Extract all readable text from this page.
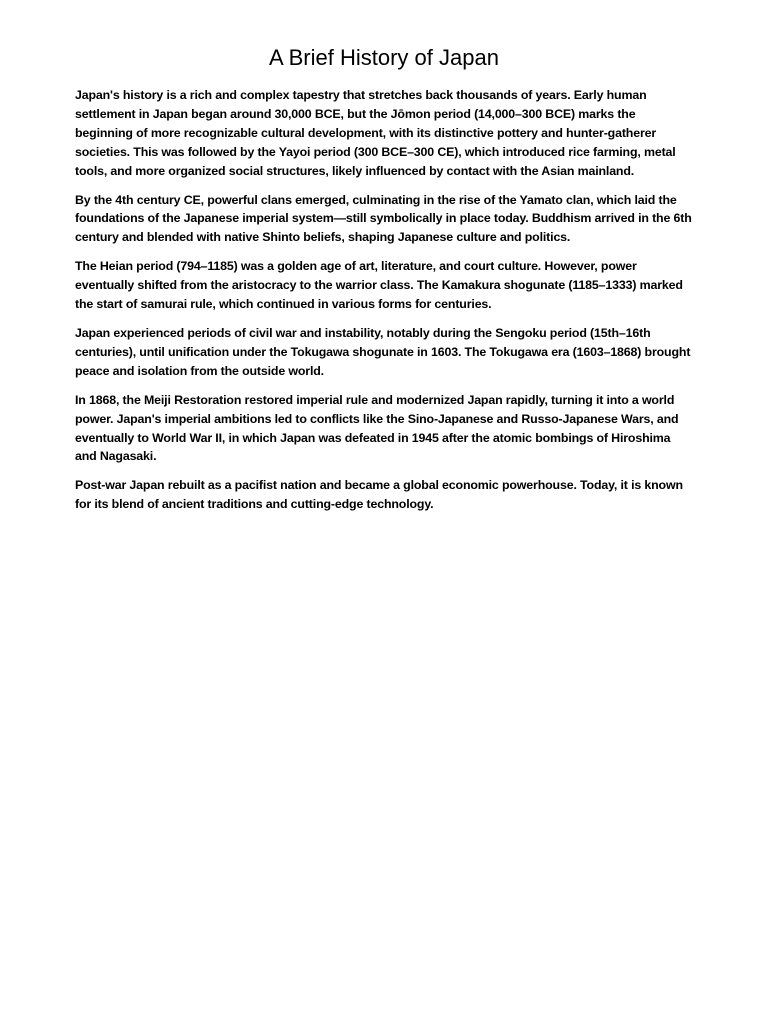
A Brief History of Japan

Japan's history is a rich and complex tapestry that stretches back thousands of years. Early human settlement in Japan began around 30,000 BCE, but the Jōmon period (14,000–300 BCE) marks the beginning of more recognizable cultural development, with its distinctive pottery and hunter-gatherer societies. This was followed by the Yayoi period (300 BCE–300 CE), which introduced rice farming, metal tools, and more organized social structures, likely influenced by contact with the Asian mainland.

By the 4th century CE, powerful clans emerged, culminating in the rise of the Yamato clan, which laid the foundations of the Japanese imperial system—still symbolically in place today. Buddhism arrived in the 6th century and blended with native Shinto beliefs, shaping Japanese culture and politics.

The Heian period (794–1185) was a golden age of art, literature, and court culture. However, power eventually shifted from the aristocracy to the warrior class. The Kamakura shogunate (1185–1333) marked the start of samurai rule, which continued in various forms for centuries.

Japan experienced periods of civil war and instability, notably during the Sengoku period (15th–16th centuries), until unification under the Tokugawa shogunate in 1603. The Tokugawa era (1603–1868) brought peace and isolation from the outside world.

In 1868, the Meiji Restoration restored imperial rule and modernized Japan rapidly, turning it into a world power. Japan's imperial ambitions led to conflicts like the Sino-Japanese and Russo-Japanese Wars, and eventually to World War II, in which Japan was defeated in 1945 after the atomic bombings of Hiroshima and Nagasaki.

Post-war Japan rebuilt as a pacifist nation and became a global economic powerhouse. Today, it is known for its blend of ancient traditions and cutting-edge technology.
